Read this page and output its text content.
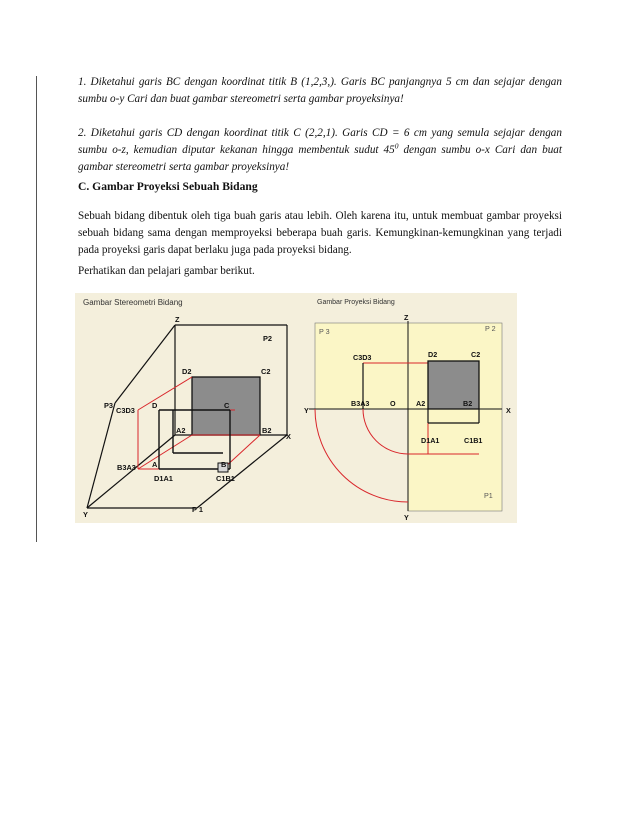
1. Diketahui garis BC dengan koordinat titik B (1,2,3,). Garis BC panjangnya 5 cm dan sejajar dengan sumbu o-y Cari dan buat gambar stereometri serta gambar proyeksinya!

2. Diketahui garis CD dengan koordinat titik C (2,2,1). Garis CD = 6 cm yang semula sejajar dengan sumbu o-z, kemudian diputar kekanan hingga membentuk sudut $45^0$ dengan sumbu o-x Cari dan buat gambar stereometri serta gambar proyeksinya!

C. Gambar Proyeksi Sebuah Bidang

Sebuah bidang dibentuk oleh tiga buah garis atau lebih. Oleh karena itu, untuk membuat gambar proyeksi sebuah bidang sama dengan memproyeksi beberapa buah garis. Kemungkinan-kemungkinan yang terjadi pada proyeksi garis dapat berlaku juga pada proyeksi bidang.

Perhatikan dan pelajari gambar berikut.

Gambar Stereometri Bidang
Z
P2
D2	C2
P3
C3D3
D	C
A2	B2
X
A	B
B3A3
D1A1	C1B1
P 1
Y
Gambar Proyeksi Bidang
Z
P 3	P 2
C3D3	D2	C2
Y
B3A3	O	A2	B2
X
D1A1	C1B1
P1
Y
